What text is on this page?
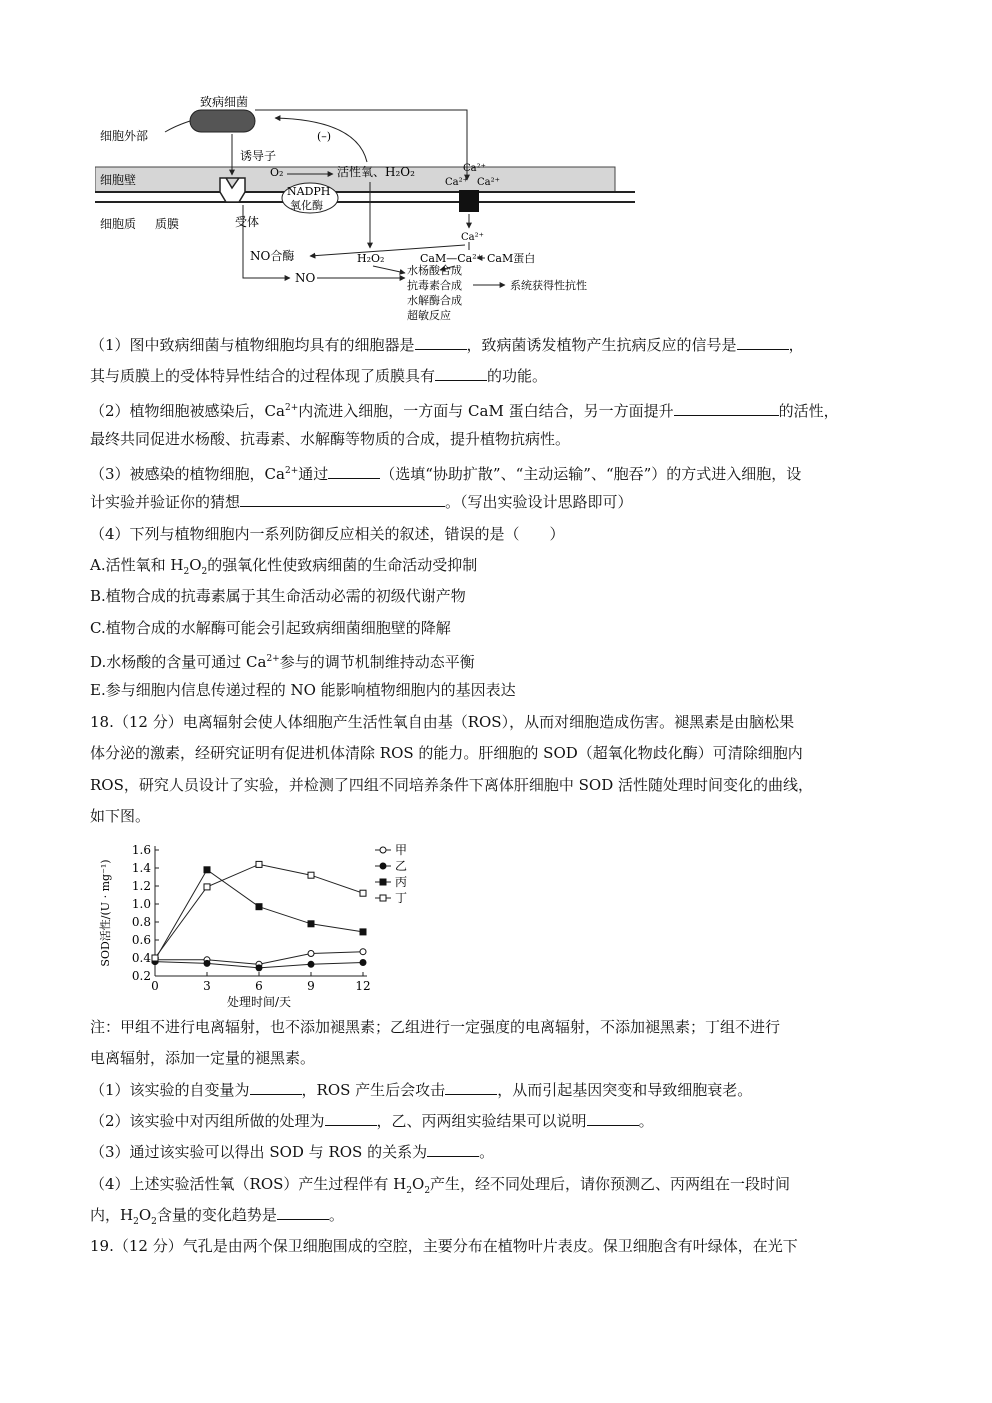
致病细菌
细胞外部
诱导子
受体
NADPH
氧化酶
O₂	活性氧、H₂O₂
(–)
Ca²⁺
Ca²⁺ Ca²⁺
Ca²⁺
细胞壁
细胞质 质膜
CaM—Ca²⁺ CaM蛋白
NO合酶	H₂O₂
NO
水杨酸合成
抗毒素合成
水解酶合成
超敏反应
系统获得性抗性
（1）图中致病细菌与植物细胞均具有的细胞器是	，致病菌诱发植物产生抗病反应的信号是	，
其与质膜上的受体特异性结合的过程体现了质膜具有	的功能。
（2）植物细胞被感染后，$Ca^{2+}$内流进入细胞，一方面与 CaM 蛋白结合，另一方面提升	的活性，
最终共同促进水杨酸、抗毒素、水解酶等物质的合成，提升植物抗病性。
（3）被感染的植物细胞，$Ca^{2+}$通过	（选填“协助扩散”、“主动运输”、“胞吞”）的方式进入细胞，设
计实验并验证你的猜想	。（写出实验设计思路即可）
（4）下列与植物细胞内一系列防御反应相关的叙述，错误的是（　　）
A.活性氧和 $H_2O_2$的强氧化性使致病细菌的生命活动受抑制
B.植物合成的抗毒素属于其生命活动必需的初级代谢产物
C.植物合成的水解酶可能会引起致病细菌细胞壁的降解
D.水杨酸的含量可通过 $Ca^{2+}$参与的调节机制维持动态平衡
E.参与细胞内信息传递过程的 NO 能影响植物细胞内的基因表达
18.（12 分）电离辐射会使人体细胞产生活性氧自由基（ROS），从而对细胞造成伤害。褪黑素是由脑松果
体分泌的激素，经研究证明有促进机体清除 ROS 的能力。肝细胞的 SOD（超氧化物歧化酶）可清除细胞内
ROS，研究人员设计了实验，并检测了四组不同培养条件下离体肝细胞中 SOD 活性随处理时间变化的曲线，
如下图。
0.2
0.4
0.6
0.8
1.0
1.2
1.4
1.6
0	3	6	9	12
处理时间/天
SOD活性/(U · mg⁻¹)
甲
乙
丙
丁
注：甲组不进行电离辐射，也不添加褪黑素；乙组进行一定强度的电离辐射，不添加褪黑素；丁组不进行
电离辐射，添加一定量的褪黑素。
（1）该实验的自变量为	，ROS 产生后会攻击	，从而引起基因突变和导致细胞衰老。
（2）该实验中对丙组所做的处理为	，乙、丙两组实验结果可以说明	。
（3）通过该实验可以得出 SOD 与 ROS 的关系为	。
（4）上述实验活性氧（ROS）产生过程伴有 $H_2O_2$产生，经不同处理后，请你预测乙、丙两组在一段时间
内，$H_2O_2$含量的变化趋势是	。
19.（12 分）气孔是由两个保卫细胞围成的空腔，主要分布在植物叶片表皮。保卫细胞含有叶绿体，在光下
